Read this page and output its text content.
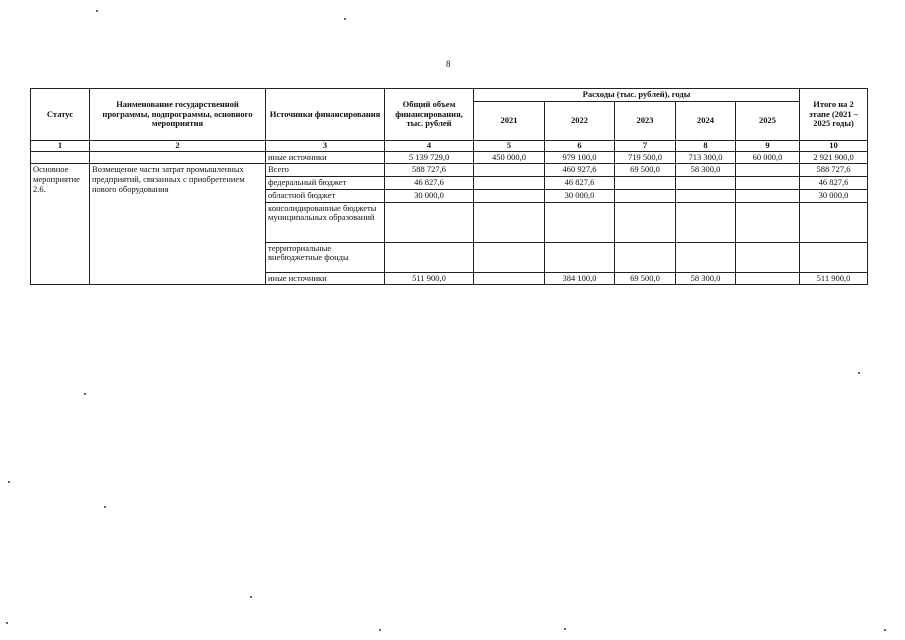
8
Статус	Наименование государственной программы, подпрограммы, основного мероприятия	Источники финансирования	Общий объем финансирования, тыс. рублей	Расходы (тыс. рублей), годы					Итого на 2 этапе (2021 – 2025 годы)
				2021	2022	2023	2024	2025	
1	2	3	4	5	6	7	8	9	10
		иные источники	5 139 729,0	450 000,0	979 100,0	719 500,0	713 300,0	60 000,0	2 921 900,0
Основное мероприятие 2.6.	Возмещение части затрат промышленных предприятий, связанных с приобретением нового оборудования	Всего	588 727,6		460 927,6	69 500,0	58 300,0		588 727,6
		федеральный бюджет	46 827,6		46 827,6				46 827,6
		областной бюджет	30 000,0		30 000,0				30 000,0
		консолидированные бюджеты муниципальных образований							
		территориальные внебюджетные фонды							
		иные источники	511 900,0		384 100,0	69 500,0	58 300,0		511 900,0
